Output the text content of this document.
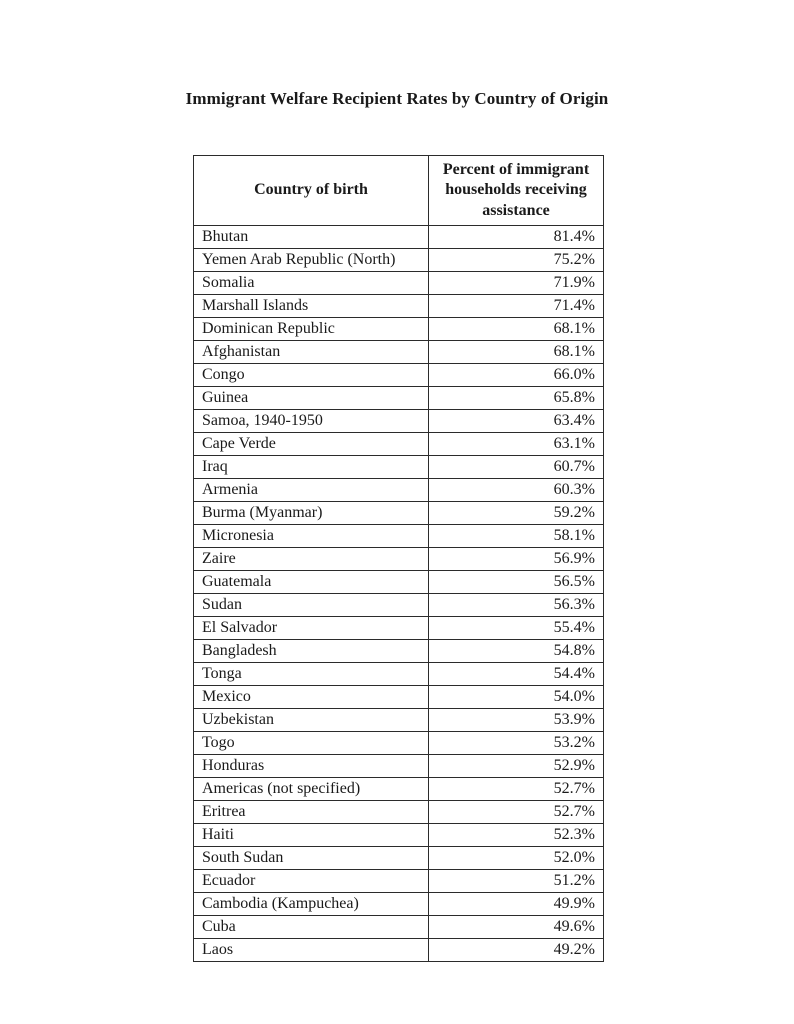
Immigrant Welfare Recipient Rates by Country of Origin
Country of birth	Percent of immigrant households receiving assistance
Bhutan	81.4%
Yemen Arab Republic (North)	75.2%
Somalia	71.9%
Marshall Islands	71.4%
Dominican Republic	68.1%
Afghanistan	68.1%
Congo	66.0%
Guinea	65.8%
Samoa, 1940-1950	63.4%
Cape Verde	63.1%
Iraq	60.7%
Armenia	60.3%
Burma (Myanmar)	59.2%
Micronesia	58.1%
Zaire	56.9%
Guatemala	56.5%
Sudan	56.3%
El Salvador	55.4%
Bangladesh	54.8%
Tonga	54.4%
Mexico	54.0%
Uzbekistan	53.9%
Togo	53.2%
Honduras	52.9%
Americas (not specified)	52.7%
Eritrea	52.7%
Haiti	52.3%
South Sudan	52.0%
Ecuador	51.2%
Cambodia (Kampuchea)	49.9%
Cuba	49.6%
Laos	49.2%
